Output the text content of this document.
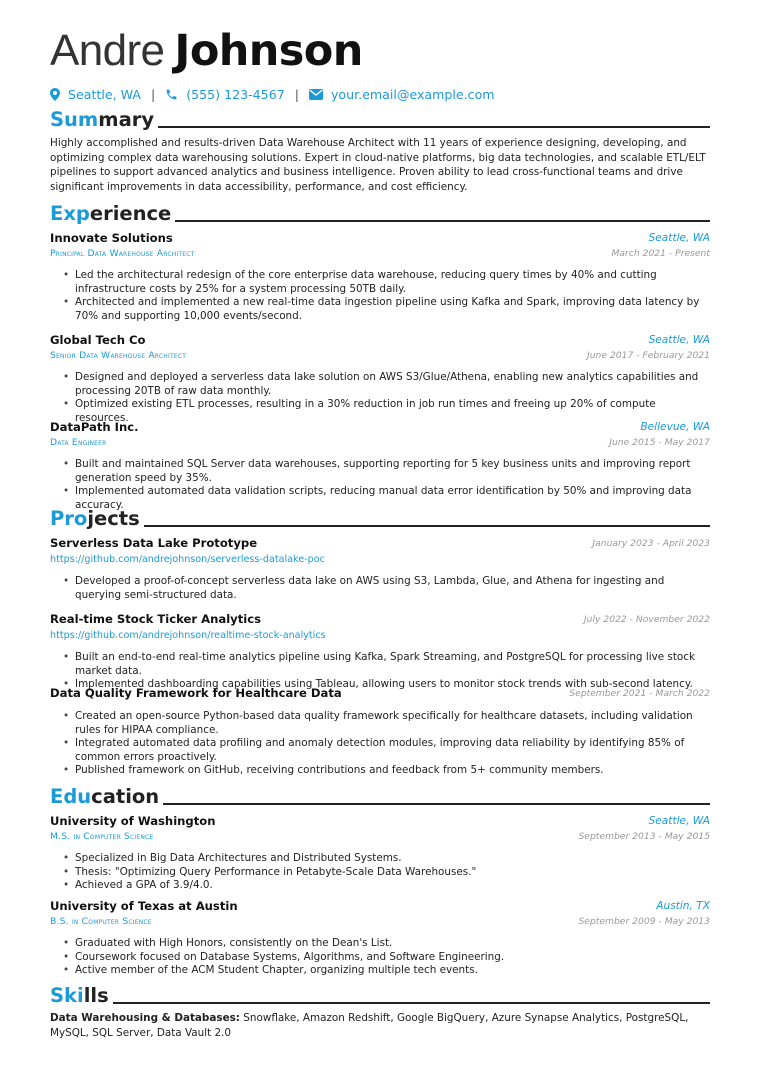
Andre Johnson
Seattle, WA | (555) 123-4567 |	your.email@example.com
Summary
Highly accomplished and results-driven Data Warehouse Architect with 11 years of experience designing, developing, and optimizing complex data warehousing solutions. Expert in cloud-native platforms, big data technologies, and scalable ETL/ELT pipelines to support advanced analytics and business intelligence. Proven ability to lead cross-functional teams and drive significant improvements in data accessibility, performance, and cost efficiency.
Experience
Innovate Solutions	Seattle, WA
Principal Data Warehouse Architect	March 2021 - Present
• Led the architectural redesign of the core enterprise data warehouse, reducing query times by 40% and cutting infrastructure costs by 25% for a system processing 50TB daily.
• Architected and implemented a new real-time data ingestion pipeline using Kafka and Spark, improving data latency by 70% and supporting 10,000 events/second.
Global Tech Co	Seattle, WA
Senior Data Warehouse Architect	June 2017 - February 2021
• Designed and deployed a serverless data lake solution on AWS S3/Glue/Athena, enabling new analytics capabilities and processing 20TB of raw data monthly.
• Optimized existing ETL processes, resulting in a 30% reduction in job run times and freeing up 20% of compute resources.
DataPath Inc.	Bellevue, WA
Data Engineer	June 2015 - May 2017
• Built and maintained SQL Server data warehouses, supporting reporting for 5 key business units and improving report generation speed by 35%.
• Implemented automated data validation scripts, reducing manual data error identification by 50% and improving data accuracy.
Projects
Serverless Data Lake Prototype	January 2023 - April 2023
https://github.com/andrejohnson/serverless-datalake-poc
• Developed a proof-of-concept serverless data lake on AWS using S3, Lambda, Glue, and Athena for ingesting and querying semi-structured data.
Real-time Stock Ticker Analytics	July 2022 - November 2022
https://github.com/andrejohnson/realtime-stock-analytics
• Built an end-to-end real-time analytics pipeline using Kafka, Spark Streaming, and PostgreSQL for processing live stock market data.
• Implemented dashboarding capabilities using Tableau, allowing users to monitor stock trends with sub-second latency.
Data Quality Framework for Healthcare Data	September 2021 - March 2022
• Created an open-source Python-based data quality framework specifically for healthcare datasets, including validation rules for HIPAA compliance.
• Integrated automated data profiling and anomaly detection modules, improving data reliability by identifying 85% of common errors proactively.
• Published framework on GitHub, receiving contributions and feedback from 5+ community members.
Education
University of Washington	Seattle, WA
M.S. in Computer Science	September 2013 - May 2015
• Specialized in Big Data Architectures and Distributed Systems.
• Thesis: "Optimizing Query Performance in Petabyte-Scale Data Warehouses."
• Achieved a GPA of 3.9/4.0.
University of Texas at Austin	Austin, TX
B.S. in Computer Science	September 2009 - May 2013
• Graduated with High Honors, consistently on the Dean's List.
• Coursework focused on Database Systems, Algorithms, and Software Engineering.
• Active member of the ACM Student Chapter, organizing multiple tech events.
Skills
Data Warehousing & Databases: Snowflake, Amazon Redshift, Google BigQuery, Azure Synapse Analytics, PostgreSQL, MySQL, SQL Server, Data Vault 2.0
